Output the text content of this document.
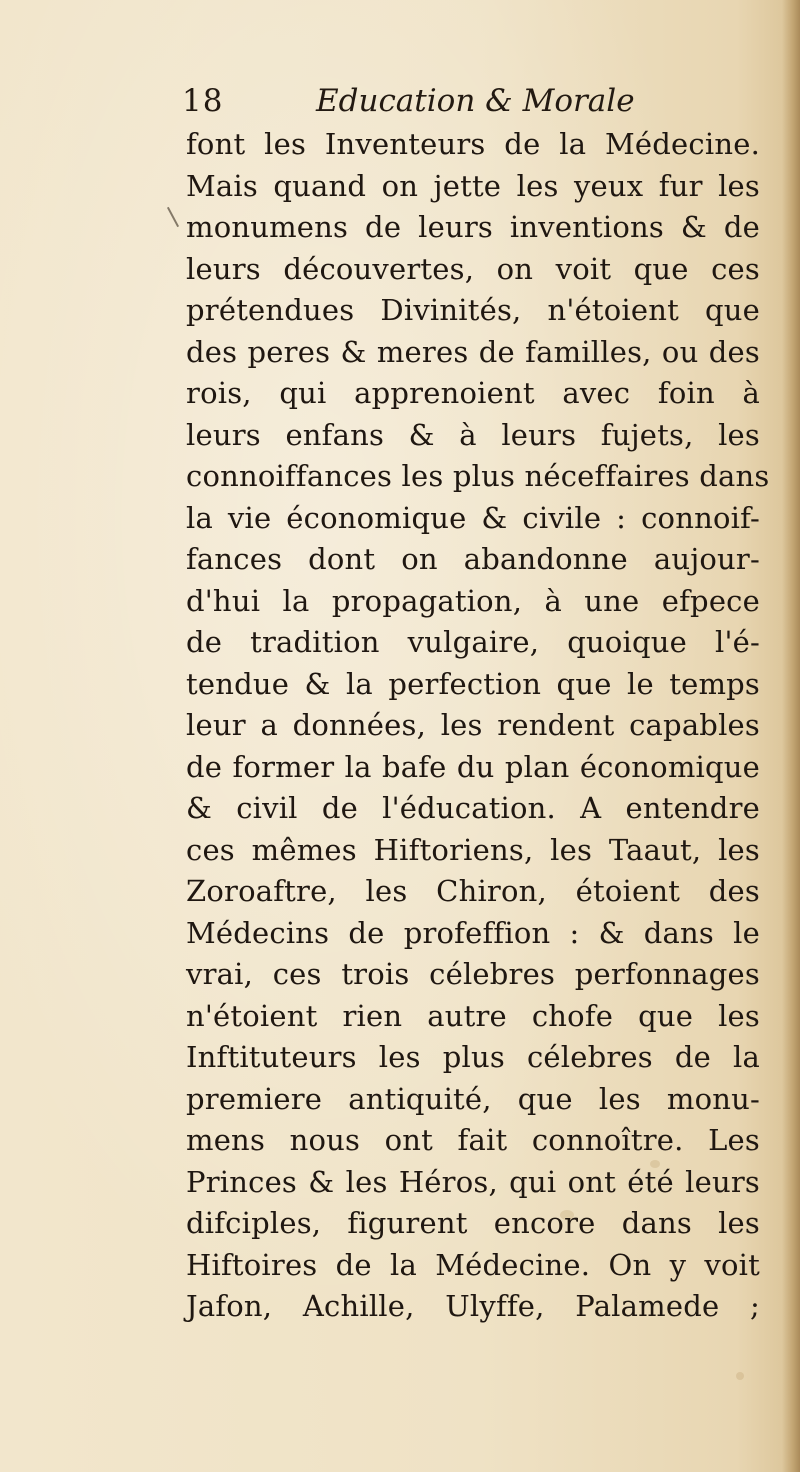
18	Education & Morale
font les Inventeurs de la Médecine.
Mais quand on jette les yeux fur les
monumens de leurs inventions & de
leurs découvertes, on voit que ces
prétendues Divinités, n'étoient que
des peres & meres de familles, ou des
rois, qui apprenoient avec foin à
leurs enfans & à leurs fujets, les
connoiffances les plus néceffaires dans
la vie économique & civile : connoif-
fances dont on abandonne aujour-
d'hui la propagation, à une efpece
de tradition vulgaire, quoique l'é-
tendue & la perfection que le temps
leur a données, les rendent capables
de former la bafe du plan économique
& civil de l'éducation. A entendre
ces mêmes Hiftoriens, les Taaut, les
Zoroaftre, les Chiron, étoient des
Médecins de profeffion : & dans le
vrai, ces trois célebres perfonnages
n'étoient rien autre chofe que les
Inftituteurs les plus célebres de la
premiere antiquité, que les monu-
mens nous ont fait connoître. Les
Princes & les Héros, qui ont été leurs
difciples, figurent encore dans les
Hiftoires de la Médecine. On y voit
Jafon, Achille, Ulyffe, Palamede ;
